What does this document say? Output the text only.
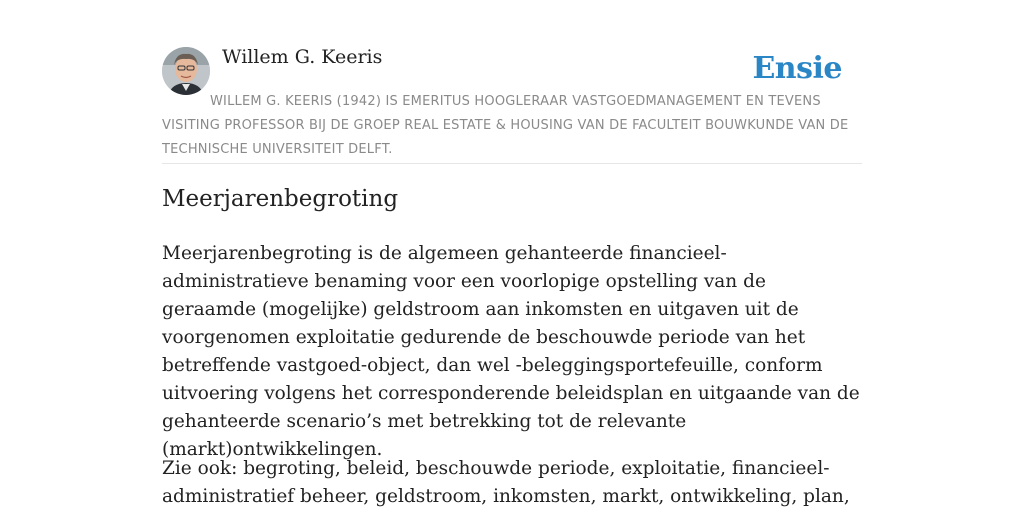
Willem G. Keeris	Ensie
WILLEM G. KEERIS (1942) IS EMERITUS HOOGLERAAR VASTGOEDMANAGEMENT EN TEVENS VISITING PROFESSOR BIJ DE GROEP REAL ESTATE & HOUSING VAN DE FACULTEIT BOUWKUNDE VAN DE TECHNISCHE UNIVERSITEIT DELFT.
Meerjarenbegroting

Meerjarenbegroting is de algemeen gehanteerde financieel-administratieve benaming voor een voorlopige opstelling van de geraamde (mogelijke) geldstroom aan inkomsten en uitgaven uit de voorgenomen exploitatie gedurende de beschouwde periode van het betreffende vastgoed-object, dan wel -beleggingsportefeuille, conform uitvoering volgens het corresponderende beleidsplan en uitgaande van de gehanteerde scenario’s met betrekking tot de relevante (markt)ontwikkelingen.

Zie ook: begroting, beleid, beschouwde periode, exploitatie, financieel-administratief beheer, geldstroom, inkomsten, markt, ontwikkeling, plan,
